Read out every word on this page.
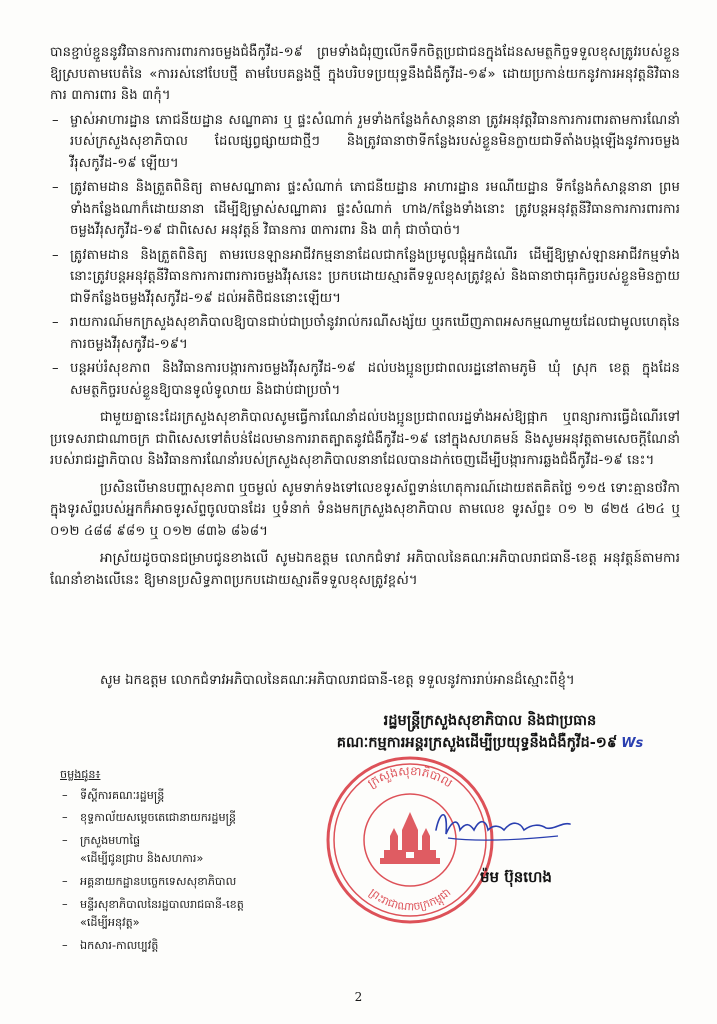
បានខ្ជាប់ខ្ជួននូវវិធានការការពារការចម្លងជំងឺកូវីដ-១៩ ព្រមទាំងជំរុញលើកទឹកចិត្តប្រជាជនក្នុងដែនសមត្ថកិច្ចទទួលខុសត្រូវរបស់ខ្លួន ឱ្យស្របតាមបេតំនៃ «ការរស់នៅបែបថ្មី តាមបែបគន្លងថ្មី ក្នុងបរិបទប្រយុទ្ធនឹងជំងឺកូវីដ-១៩» ដោយប្រកាន់យកនូវការអនុវត្តនិវិធានការ ៣ការពារ និង ៣កុំ។

– ម្ចាស់អាហារដ្ឋាន ភោជនីយដ្ឋាន សណ្ឋាគារ ឬ ផ្ទះសំណាក់ រួមទាំងកន្លែងកំសាន្តនានា ត្រូវអនុវត្តវិធានការការពារតាមការណែនាំរបស់ក្រសួងសុខាភិបាល ដែលផ្សព្វផ្សាយជាថ្មីៗ និងត្រូវធានាថាទីកន្លែងរបស់ខ្លួនមិនក្លាយជាទីតាំងបង្កឡើងនូវការចម្លងវីរុសកូវីដ-១៩ ឡើយ។

– ត្រូវតាមដាន និងត្រួតពិនិត្យ តាមសណ្ឋាគារ ផ្ទះសំណាក់ ភោជនីយដ្ឋាន អាហារដ្ឋាន រមណីយដ្ឋាន ទីកន្លែងកំសាន្តនានា ព្រមទាំងកន្លែងណាក៏ដោយនានា ដើម្បីឱ្យម្ចាស់សណ្ឋាគារ ផ្ទះសំណាក់ ហាង/កន្លែងទាំងនោះ ត្រូវបន្តអនុវត្តនីវិធានការការពារការចម្លងវីរុសកូវីដ-១៩ ជាពិសេស អនុវត្តន៍ វិធានការ ៣ការពារ និង ៣កុំ ជាចាំបាច់។

– ត្រូវតាមដាន និងត្រួតពិនិត្យ តាមរបេនឡានអាជីវកម្មនានាដែលជាកន្លែងប្រមូលផ្តុំអ្នកដំណើរ ដើម្បីឱ្យម្ចាស់ឡានអាជីវកម្មទាំងនោះត្រូវបន្តអនុវត្តនីវិធានការការពារការចម្លងវីរុសនេះ ប្រកបដោយស្មារតីទទួលខុសត្រូវខ្ពស់ និងធានាថាធុរកិច្ចរបស់ខ្លួនមិនក្លាយជាទីកន្លែងចម្លងវីរុសកូវីដ-១៩ ដល់អតិថិជននោះឡើយ។

– រាយការណ៍មកក្រសួងសុខាភិបាលឱ្យបានជាប់ជាប្រចាំនូវរាល់ករណីសង្ស័យ ឬរកឃើញភាពអសកម្មណាមួយដែលជាមូលហេតុនៃ ការចម្លងវីរុសកូវីដ-១៩។

– បន្តអប់រំសុខភាព និងវិធានការបង្ការការចម្លងវីរុសកូវីដ-១៩ ដល់បងប្អូនប្រជាពលរដ្ឋនៅតាមភូមិ ឃុំ ស្រុក ខេត្ត ក្នុងដែនសមត្ថកិច្ចរបស់ខ្លួនឱ្យបានទូលំទូលាយ និងជាប់ជាប្រចាំ។

ជាមួយគ្នានេះដែរក្រសួងសុខាភិបាលសូមធ្វើការណែនាំដល់បងប្អូនប្រជាពលរដ្ឋទាំងអស់ឱ្យផ្អាក ឬពន្យារការធ្វើដំណើរទៅប្រទេសរាជាណាចក្រ ជាពិសេសទៅតំបន់ដែលមានការរាតត្បាតនូវជំងឺកូវីដ-១៩ នៅក្នុងសហគមន៍ និងសូមអនុវត្តតាមសេចក្តីណែនាំរបស់រាជរដ្ឋាភិបាល និងវិធានការណែនាំរបស់ក្រសួងសុខាភិបាលនានាដែលបានដាក់ចេញដើម្បីបង្ការការឆ្លងជំងឺកូវីដ-១៩ នេះ។

ប្រសិនបើមានបញ្ហាសុខភាព ឬចម្ងល់ សូមទាក់ទងទៅលេខទូរស័ព្ទទាន់ហេតុការណ៍ដោយឥតគិតថ្លៃ ១១៥ ទោះគ្មានថវិកាក្នុងទូរស័ព្ទរបស់អ្នកក៏អាចទូរស័ព្ទចូលបានដែរ ឬទំនាក់ ទំនងមកក្រសួងសុខាភិបាល តាមលេខ ទូរស័ព្ទ៖ ០១ ២ ៨២៥ ៤២៤ ឬ ០១២ ៤៨៨ ៩៨១ ឬ ០១២ ៨៣៦ ៨៦៨។

អាស្រ័យដូចបានជម្រាបជូនខាងលើ សូមឯកឧត្តម លោកជំទាវ អភិបាលនៃគណៈអភិបាលរាជធានី-ខេត្ត អនុវត្តន៍តាមការណែនាំខាងលើនេះ ឱ្យមានប្រសិទ្ធភាពប្រកបដោយស្មារតីទទួលខុសត្រូវខ្ពស់។

សូម ឯកឧត្តម លោកជំទាវអភិបាលនៃគណៈអភិបាលរាជធានី-ខេត្ត ទទួលនូវការរាប់អានដ៏ស្មោះពីខ្ញុំ។
រដ្ឋមន្ត្រីក្រសួងសុខាភិបាល និងជាប្រធាន
គណៈកម្មការអន្តរក្រសួងដើម្បីប្រយុទ្ធនឹងជំងឺកូវីដ-១៩ Ws
ក្រសួងសុខាភិបាល
ព្រះរាជាណាចក្រកម្ពុជា
ម៉ម ប៊ុនហេង
ចម្លងជូន៖
– ទីស្តីការគណៈរដ្ឋមន្ត្រី
– ខុទ្ទកាល័យសម្តេចតេជោនាយករដ្ឋមន្ត្រី
– ក្រសួងមហាផ្ទៃ
«ដើម្បីជូនជ្រាប និងសហការ»
– អគ្គនាយកដ្ឋានបច្ចេកទេសសុខាភិបាល
– មន្ទីរសុខាភិបាលនៃរដ្ឋបាលរាជធានី-ខេត្ត
«ដើម្បីអនុវត្ត»
– ឯកសារ-កាលប្បវត្តិ
2
